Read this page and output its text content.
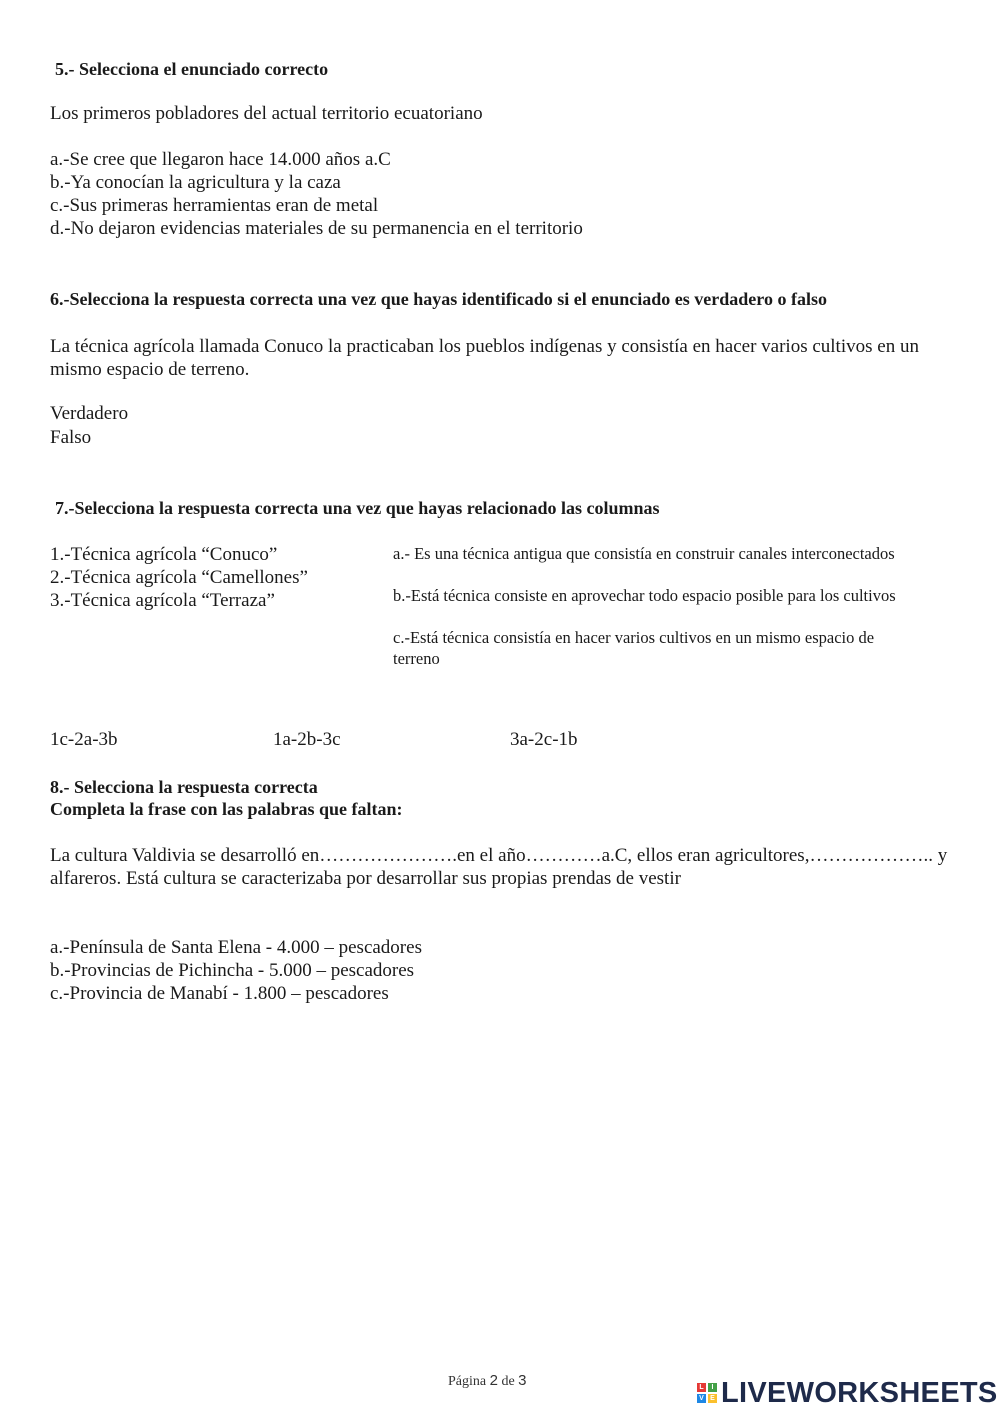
5.- Selecciona el enunciado correcto
Los primeros pobladores del actual territorio ecuatoriano
a.-Se cree que llegaron hace 14.000 años a.C
b.-Ya conocían la agricultura y la caza
c.-Sus primeras herramientas eran de metal
d.-No dejaron evidencias materiales de su permanencia en el territorio
6.-Selecciona la respuesta correcta una vez que hayas identificado si el enunciado es verdadero o falso
La técnica agrícola llamada Conuco la practicaban los pueblos indígenas y consistía en hacer varios cultivos en un mismo espacio de terreno.
Verdadero
Falso
7.-Selecciona la respuesta correcta una vez que hayas relacionado las columnas
1.-Técnica agrícola “Conuco”
2.-Técnica agrícola “Camellones”
3.-Técnica agrícola “Terraza”
a.- Es una técnica antigua que consistía en construir canales interconectados
b.-Está técnica consiste en aprovechar todo espacio posible para los cultivos
c.-Está técnica consistía en hacer varios cultivos en un mismo espacio de terreno
1c-2a-3b	1a-2b-3c	3a-2c-1b
8.- Selecciona la respuesta correcta
Completa la frase con las palabras que faltan:
La cultura Valdivia se desarrolló en………………….en el año…………a.C, ellos eran agricultores,……………….. y alfareros. Está cultura se caracterizaba por desarrollar sus propias prendas de vestir
a.-Península de Santa Elena - 4.000 – pescadores
b.-Provincias de Pichincha - 5.000 – pescadores
c.-Provincia de Manabí - 1.800 – pescadores
Página 2 de 3	L	I
V E LIVEWORKSHEETS
